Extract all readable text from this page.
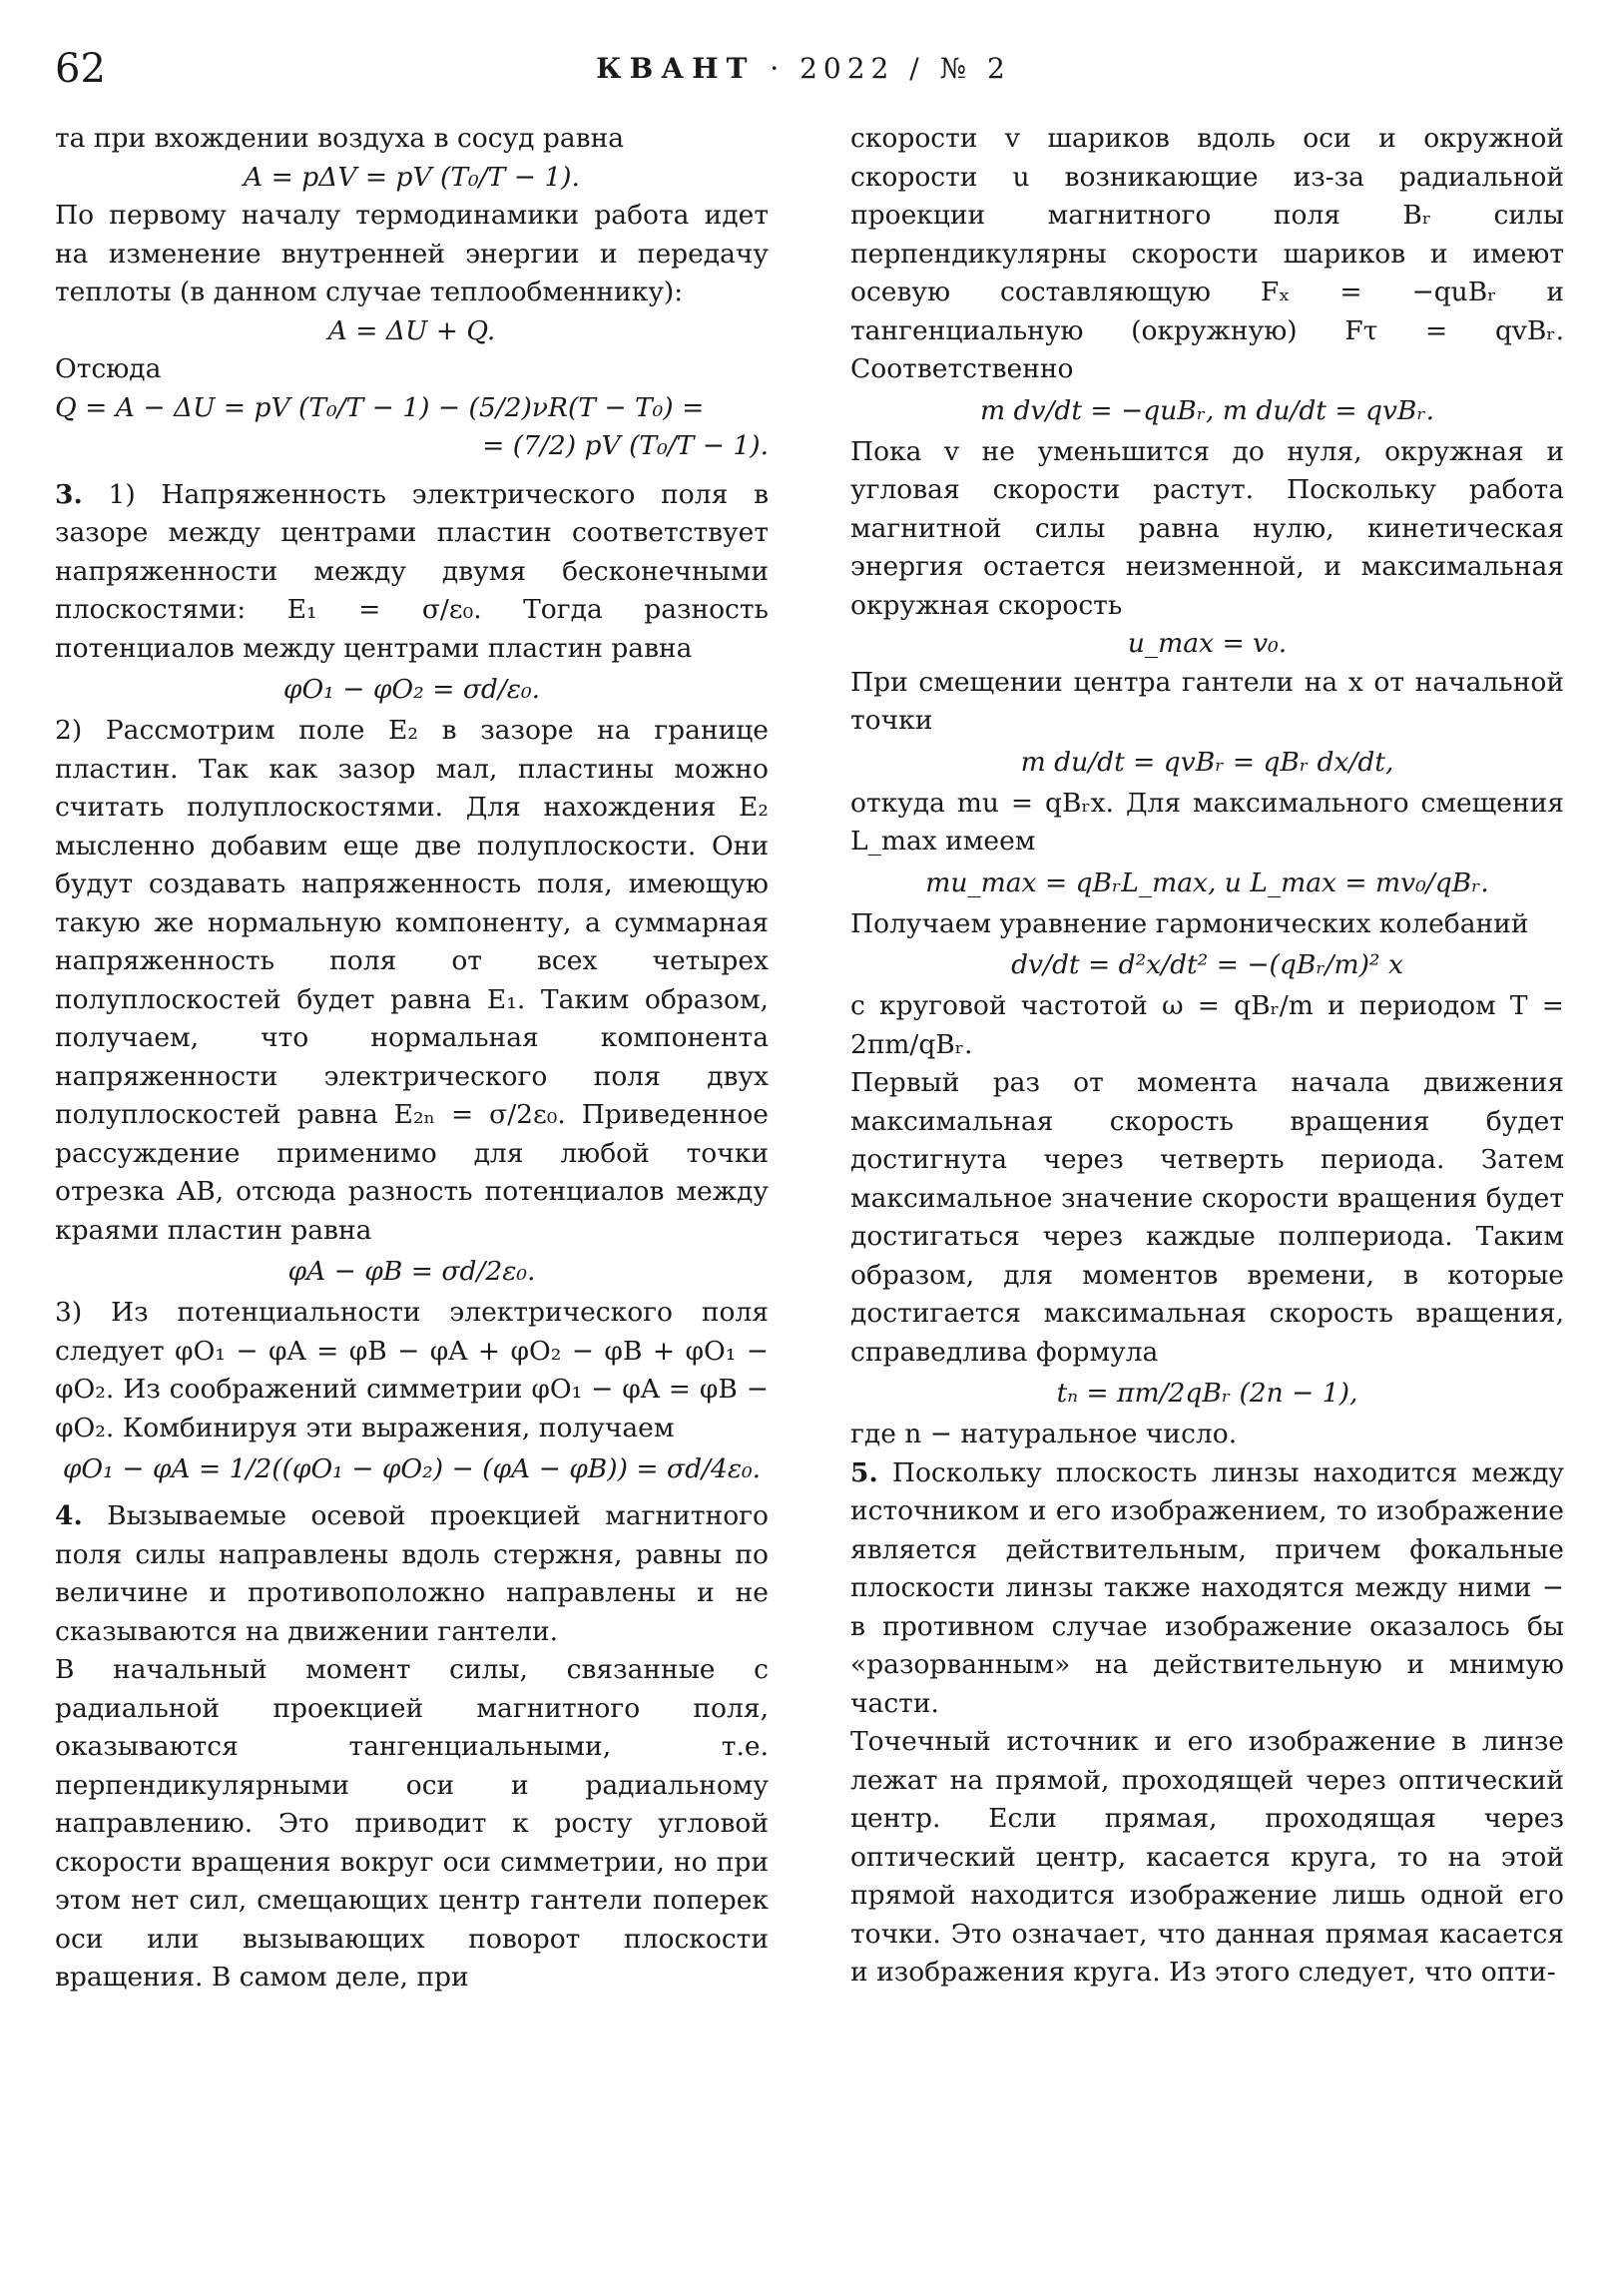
62	КВАНТ · 2022 / № 2

та при вхождении воздуха в сосуд равна

A = pΔV = pV (T₀/T − 1).

По первому началу термодинамики работа идет на изменение внутренней энергии и передачу теплоты (в данном случае теплообменнику):

A = ΔU + Q.

Отсюда

Q = A − ΔU = pV (T₀/T − 1) − (5/2)νR(T − T₀) =

= (7/2) pV (T₀/T − 1).

3. 1) Напряженность электрического поля в зазоре между центрами пластин соответствует напряженности между двумя бесконечными плоскостями: E₁ = σ/ε₀. Тогда разность потенциалов между центрами пластин равна

φO₁ − φO₂ = σd/ε₀.

2) Рассмотрим поле E₂ в зазоре на границе пластин. Так как зазор мал, пластины можно считать полуплоскостями. Для нахождения E₂ мысленно добавим еще две полуплоскости. Они будут создавать напряженность поля, имеющую такую же нормальную компоненту, а суммарная напряженность поля от всех четырех полуплоскостей будет равна E₁. Таким образом, получаем, что нормальная компонента напряженности электрического поля двух полуплоскостей равна E₂ₙ = σ/2ε₀. Приведенное рассуждение применимо для любой точки отрезка AB, отсюда разность потенциалов между краями пластин равна

φA − φB = σd/2ε₀.

3) Из потенциальности электрического поля следует φO₁ − φA = φB − φA + φO₂ − φB + φO₁ − φO₂. Из соображений симметрии φO₁ − φA = φB − φO₂. Комбинируя эти выражения, получаем

φO₁ − φA = 1/2((φO₁ − φO₂) − (φA − φB)) = σd/4ε₀.

4. Вызываемые осевой проекцией магнитного поля силы направлены вдоль стержня, равны по величине и противоположно направлены и не сказываются на движении гантели.

В начальный момент силы, связанные с радиальной проекцией магнитного поля, оказываются тангенциальными, т.е. перпендикулярными оси и радиальному направлению. Это приводит к росту угловой скорости вращения вокруг оси симметрии, но при этом нет сил, смещающих центр гантели поперек оси или вызывающих поворот плоскости вращения. В самом деле, при

скорости v шариков вдоль оси и окружной скорости u возникающие из-за радиальной проекции магнитного поля Bᵣ силы перпендикулярны скорости шариков и имеют осевую составляющую Fₓ = −quBᵣ и тангенциальную (окружную) Fτ = qvBᵣ. Соответственно

m dv/dt = −quBᵣ, m du/dt = qvBᵣ.

Пока v не уменьшится до нуля, окружная и угловая скорости растут. Поскольку работа магнитной силы равна нулю, кинетическая энергия остается неизменной, и максимальная окружная скорость

u_max = v₀.

При смещении центра гантели на x от начальной точки

m du/dt = qvBᵣ = qBᵣ dx/dt,

откуда mu = qBᵣx. Для максимального смещения L_max имеем

mu_max = qBᵣL_max, и L_max = mv₀/qBᵣ.

Получаем уравнение гармонических колебаний

dv/dt = d²x/dt² = −(qBᵣ/m)² x

с круговой частотой ω = qBᵣ/m и периодом T = 2πm/qBᵣ.

Первый раз от момента начала движения максимальная скорость вращения будет достигнута через четверть периода. Затем максимальное значение скорости вращения будет достигаться через каждые полпериода. Таким образом, для моментов времени, в которые достигается максимальная скорость вращения, справедлива формула

tₙ = πm/2qBᵣ (2n − 1),

где n − натуральное число.

5. Поскольку плоскость линзы находится между источником и его изображением, то изображение является действительным, причем фокальные плоскости линзы также находятся между ними − в противном случае изображение оказалось бы «разорванным» на действительную и мнимую части.

Точечный источник и его изображение в линзе лежат на прямой, проходящей через оптический центр. Если прямая, проходящая через оптический центр, касается круга, то на этой прямой находится изображение лишь одной его точки. Это означает, что данная прямая касается и изображения круга. Из этого следует, что опти-
